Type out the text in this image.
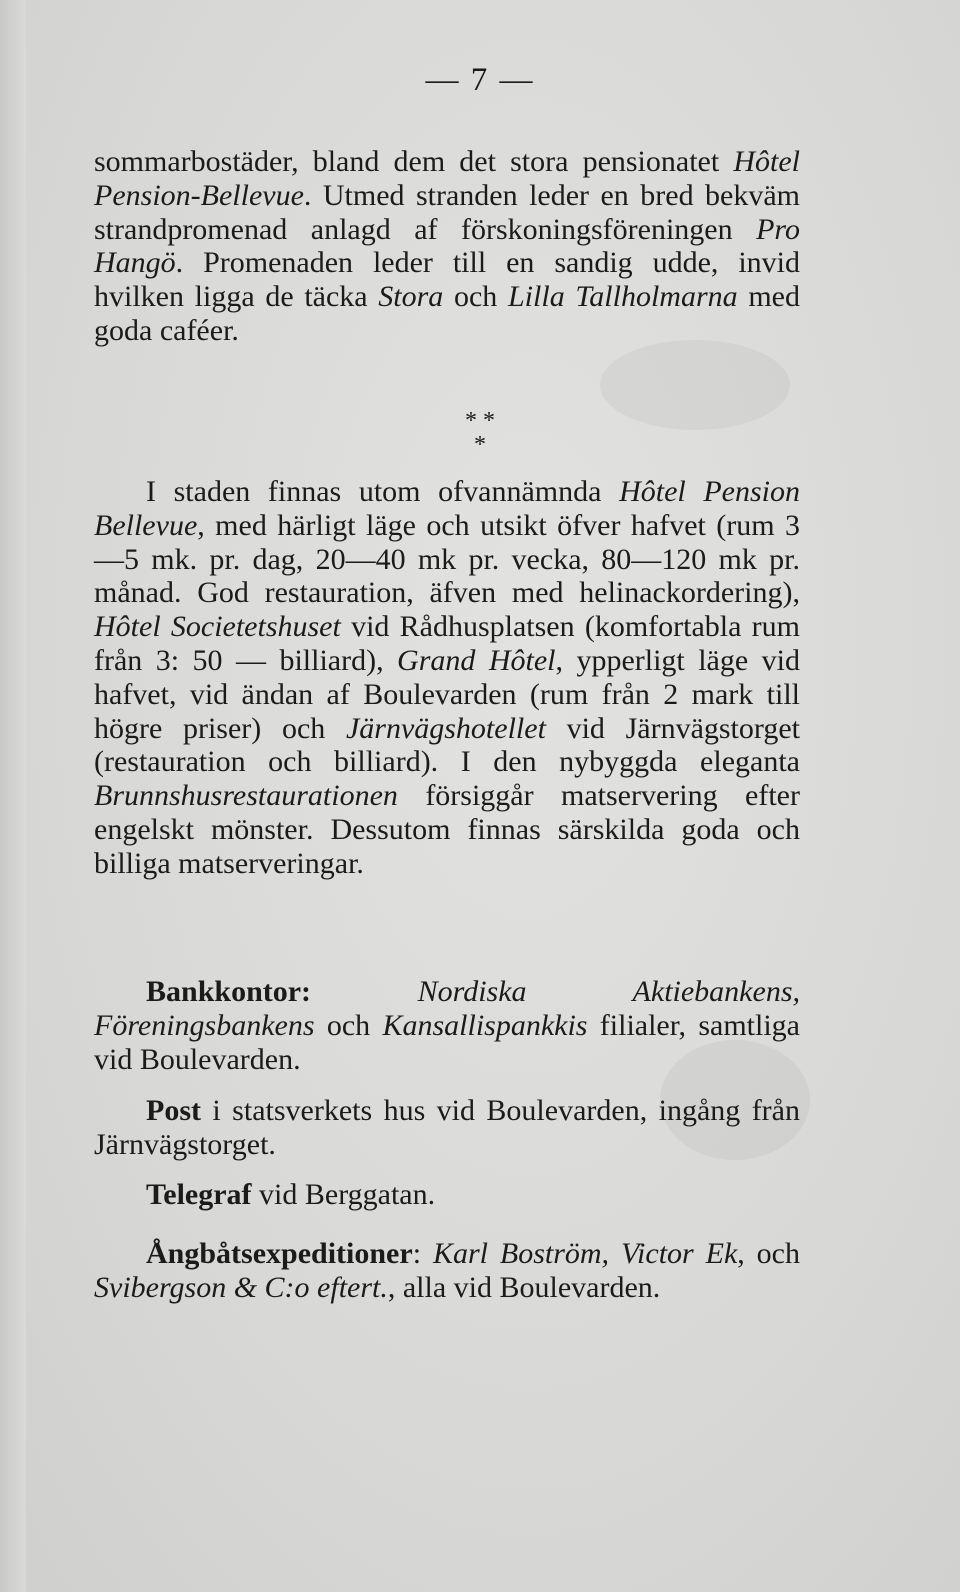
— 7 —

sommarbostäder, bland dem det stora pensionatet Hôtel Pension-Bellevue. Utmed stranden leder en bred bekväm strandpromenad anlagd af förskoningsföreningen Pro Hangö. Promenaden leder till en sandig udde, invid hvilken ligga de täcka Stora och Lilla Tallholmarna med goda caféer.

* *
*

I staden finnas utom ofvannämnda Hôtel Pension Bellevue, med härligt läge och utsikt öfver hafvet (rum 3—5 mk. pr. dag, 20—40 mk pr. vecka, 80—120 mk pr. månad. God restauration, äfven med helinackordering), Hôtel Societetshuset vid Rådhusplatsen (komfortabla rum från 3: 50 — billiard), Grand Hôtel, ypperligt läge vid hafvet, vid ändan af Boulevarden (rum från 2 mark till högre priser) och Järnvägshotellet vid Järnvägstorget (restauration och billiard). I den nybyggda eleganta Brunnshusrestaurationen försiggår matservering efter engelskt mönster. Dessutom finnas särskilda goda och billiga matserveringar.

Bankkontor:	Nordiska Aktiebankens, Föreningsbankens och Kansallispankkis filialer, samtliga vid Boulevarden.

Post i statsverkets hus vid Boulevarden, ingång från Järnvägstorget.

Telegraf vid Berggatan.

Ångbåtsexpeditioner: Karl Boström, Victor Ek, och Svibergson & C:o eftert., alla vid Boulevarden.
